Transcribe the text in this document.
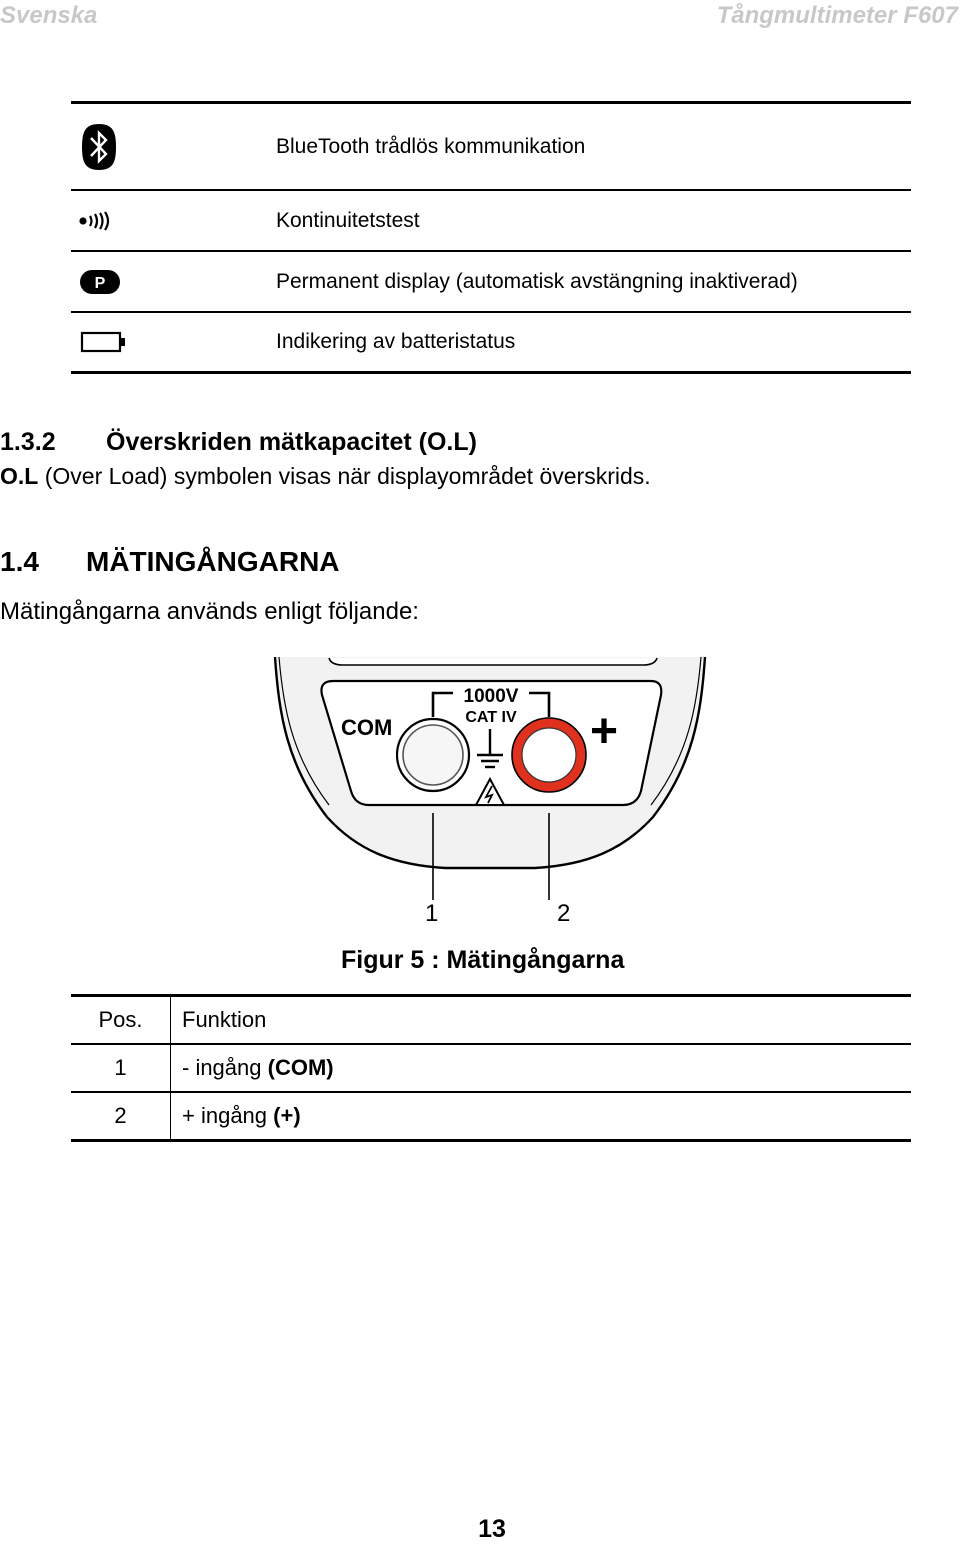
Svenska	Tångmultimeter F607
BlueTooth trådlös kommunikation
Kontinuitetstest
P	Permanent display (automatisk avstängning inaktiverad)
Indikering av batteristatus
1.3.2 Överskriden mätkapacitet (O.L)
O.L (Over Load) symbolen visas när displayområdet överskrids.
1.4 MÄTINGÅNGARNA
Mätingångarna används enligt följande:
1000V
CAT IV
COM	+
1	2
Figur 5 : Mätingångarna
Pos.	Funktion
1	- ingång (COM)
2	+ ingång (+)
13
